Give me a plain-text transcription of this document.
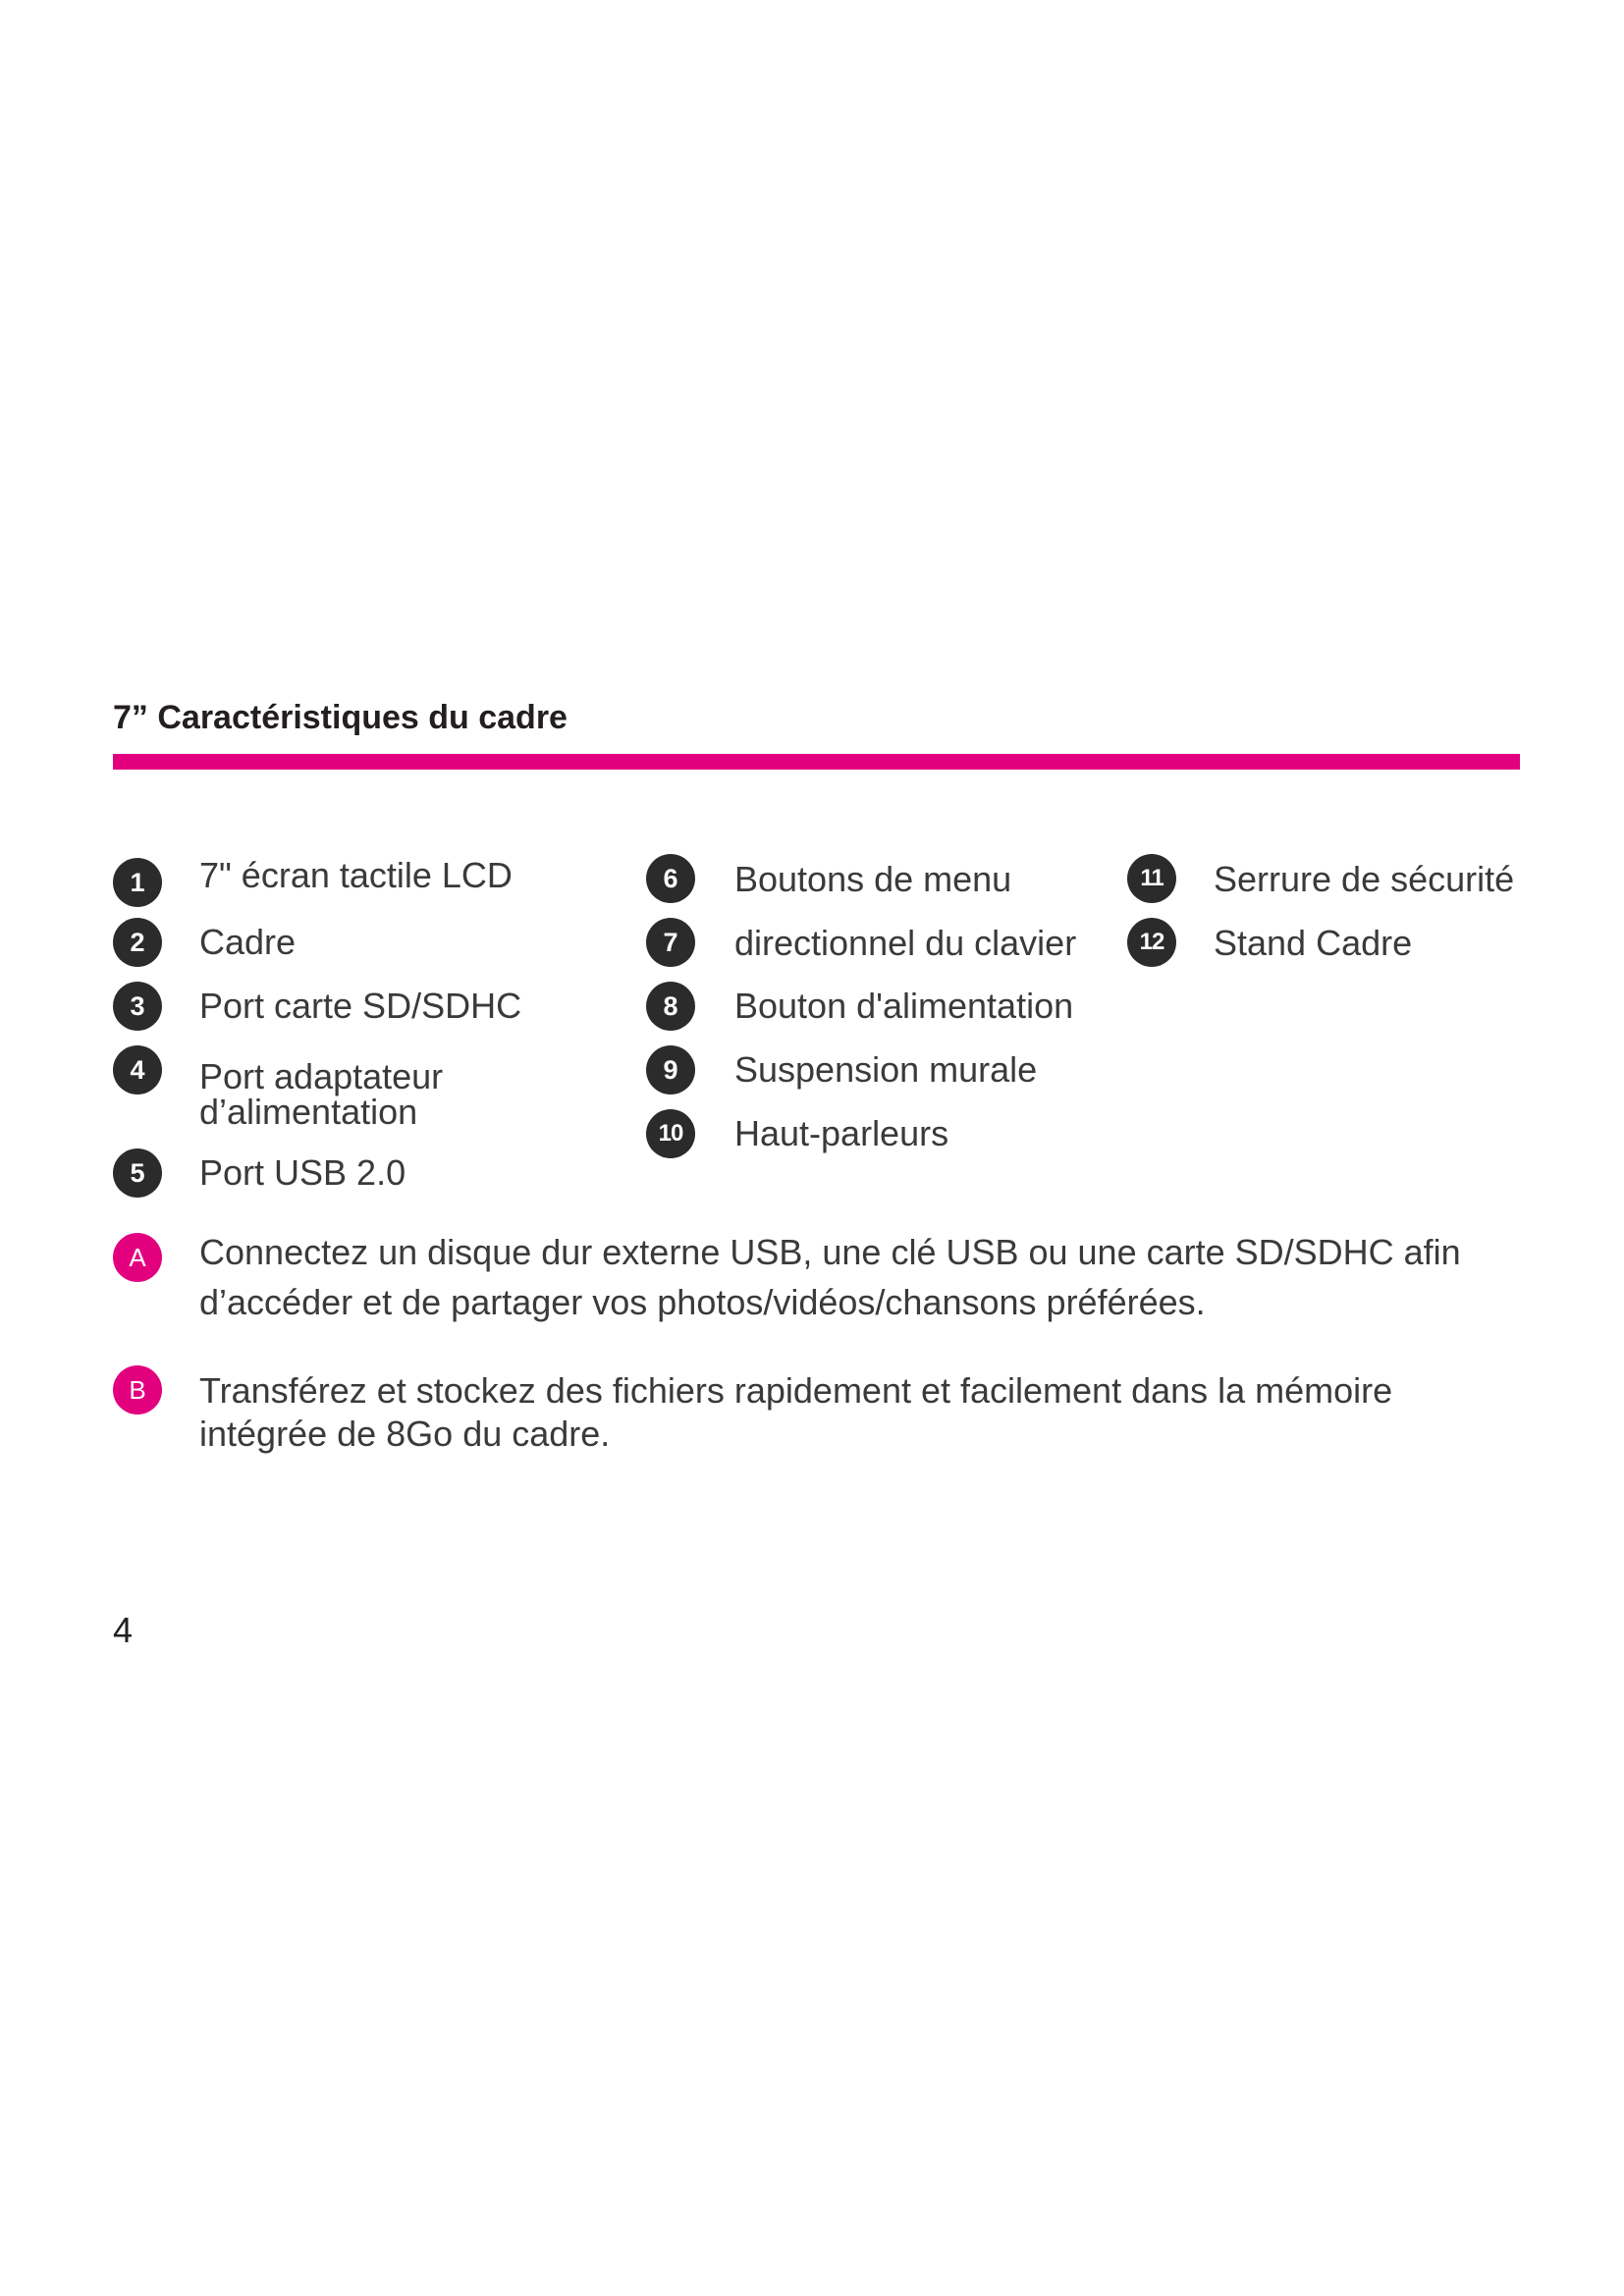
7” Caractéristiques du cadre
1	7" écran tactile LCD
2	Cadre
3	Port carte SD/SDHC
4	Port adaptateur
d’alimentation
5	Port USB 2.0
6	Boutons de menu
7	directionnel du clavier
8	Bouton d'alimentation
9	Suspension murale
10	Haut-parleurs
11	Serrure de sécurité
12	Stand Cadre
A	Connectez un disque dur externe USB, une clé USB ou une carte SD/SDHC afin
d’accéder et de partager vos photos/vidéos/chansons préférées.
B	Transférez et stockez des fichiers rapidement et facilement dans la mémoire
intégrée de 8Go du cadre.
4
